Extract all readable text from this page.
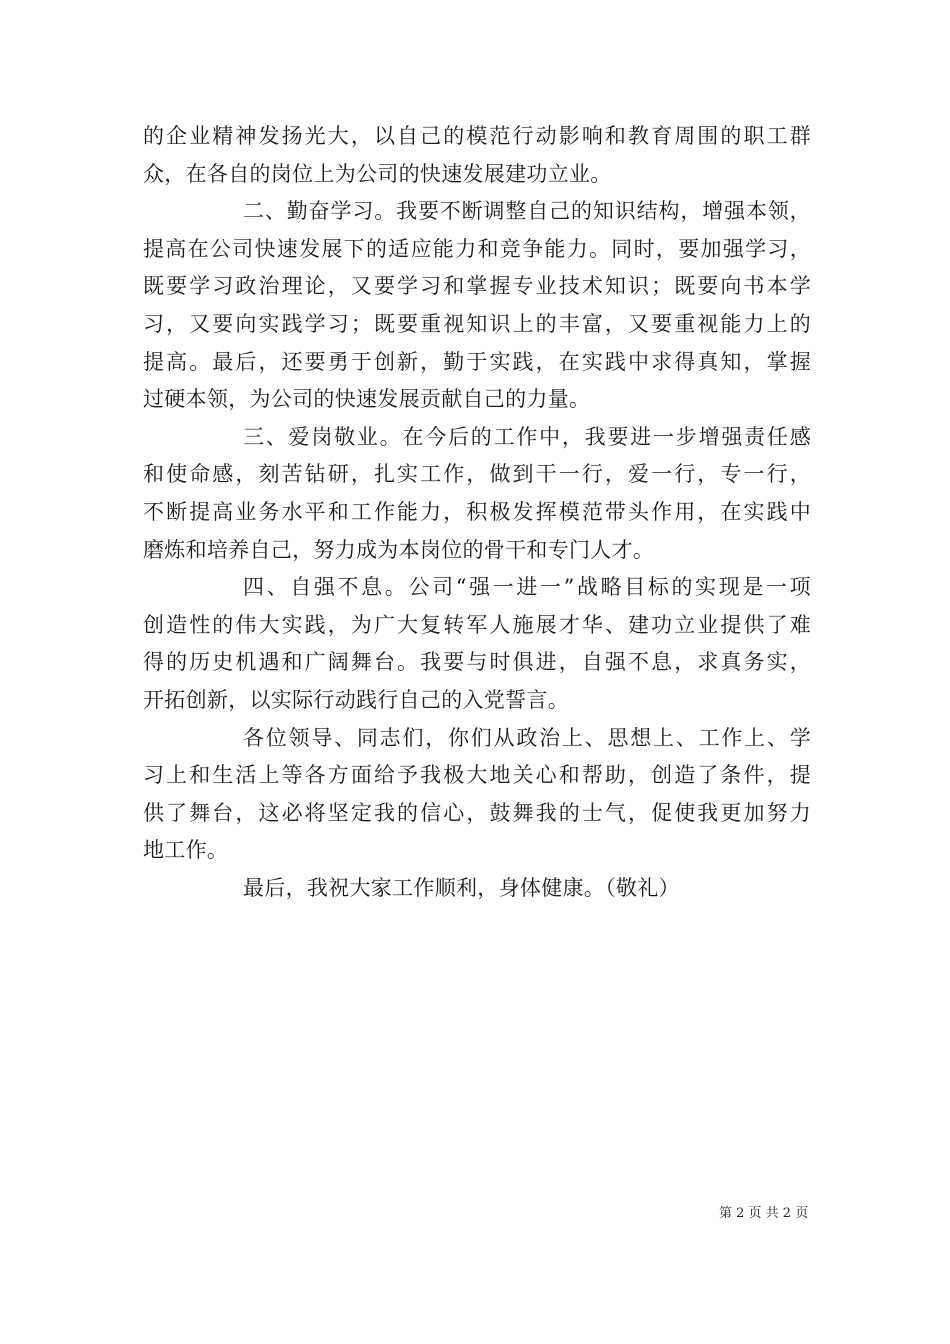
的企业精神发扬光大，以自己的模范行动影响和教育周围的职工群
众，在各自的岗位上为公司的快速发展建功立业。
二、勤奋学习。我要不断调整自己的知识结构，增强本领，
提高在公司快速发展下的适应能力和竞争能力。同时，要加强学习，
既要学习政治理论，又要学习和掌握专业技术知识；既要向书本学
习，又要向实践学习；既要重视知识上的丰富，又要重视能力上的
提高。最后，还要勇于创新，勤于实践，在实践中求得真知，掌握
过硬本领，为公司的快速发展贡献自己的力量。
三、爱岗敬业。在今后的工作中，我要进一步增强责任感
和使命感，刻苦钻研，扎实工作，做到干一行，爱一行，专一行，
不断提高业务水平和工作能力，积极发挥模范带头作用，在实践中
磨炼和培养自己，努力成为本岗位的骨干和专门人才。
四、自强不息。公司“强一进一”战略目标的实现是一项
创造性的伟大实践，为广大复转军人施展才华、建功立业提供了难
得的历史机遇和广阔舞台。我要与时俱进，自强不息，求真务实，
开拓创新，以实际行动践行自己的入党誓言。
各位领导、同志们，你们从政治上、思想上、工作上、学
习上和生活上等各方面给予我极大地关心和帮助，创造了条件，提
供了舞台，这必将坚定我的信心，鼓舞我的士气，促使我更加努力
地工作。
最后，我祝大家工作顺利，身体健康。（敬礼）
第 2 页 共 2 页
